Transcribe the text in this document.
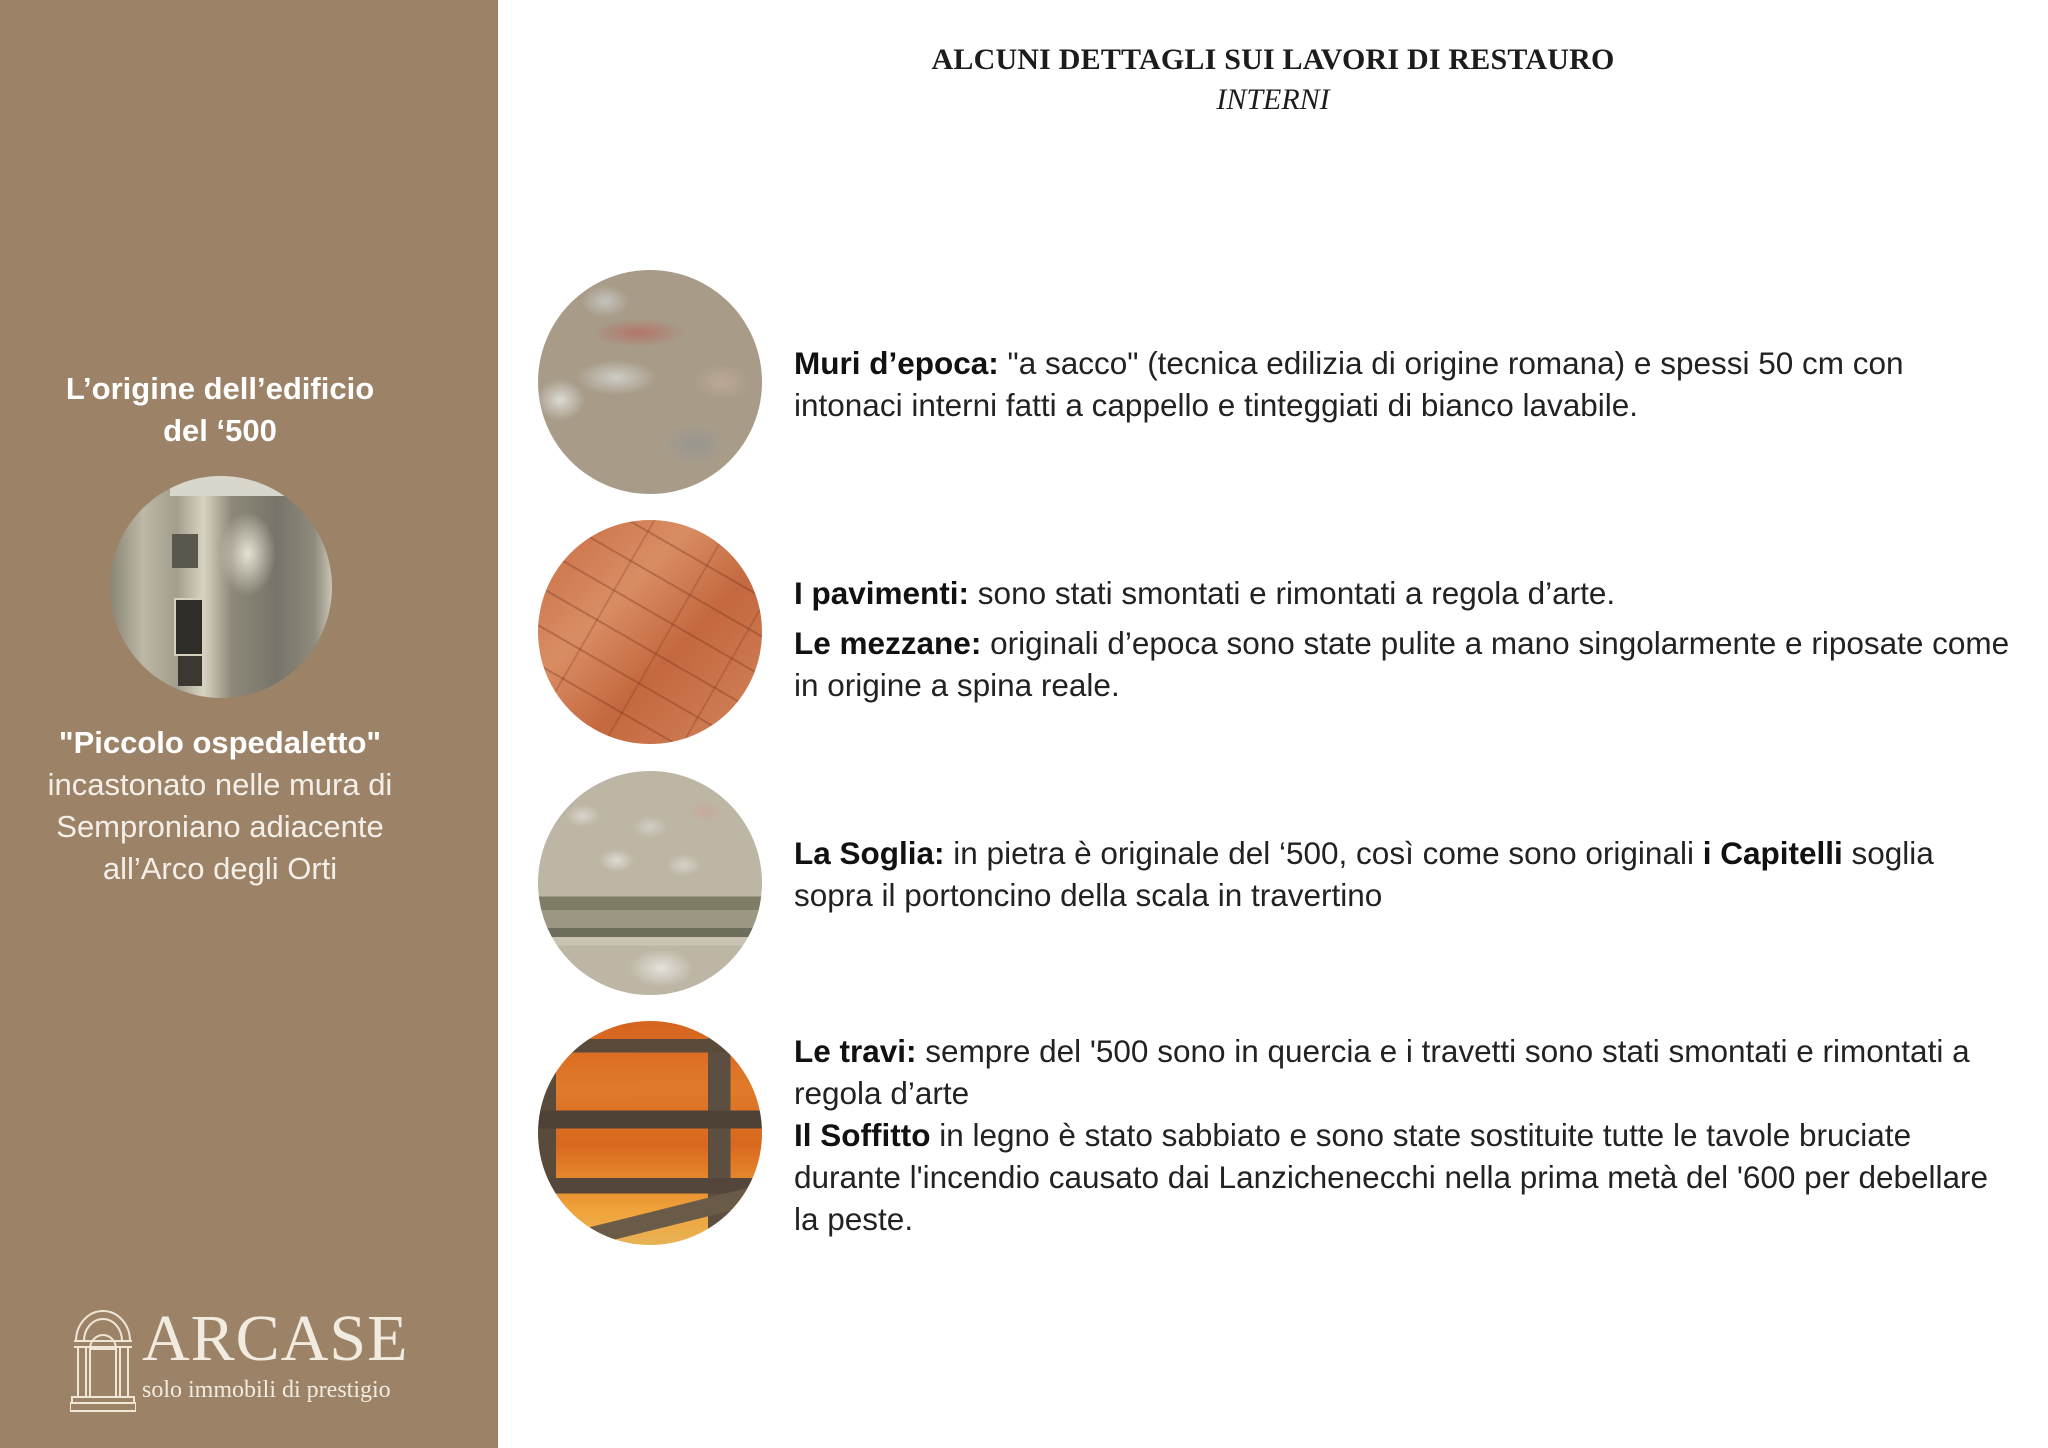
L’origine dell’edificio
del ‘500
"Piccolo ospedaletto"
incastonato nelle mura di
Semproniano adiacente
all’Arco degli Orti
ARCASE
solo immobili di prestigio
ALCUNI DETTAGLI SUI LAVORI DI RESTAURO
INTERNI

Muri d’epoca: "a sacco" (tecnica edilizia di origine romana) e spessi 50 cm con intonaci interni fatti a cappello e tinteggiati di bianco lavabile.

I pavimenti: sono stati smontati e rimontati a regola d’arte.

Le mezzane: originali d’epoca sono state pulite a mano singolarmente e riposate come in origine a spina reale.

La Soglia: in pietra è originale del ‘500, così come sono originali i Capitelli soglia sopra il portoncino della scala in travertino

Le travi: sempre del '500 sono in quercia e i travetti sono stati smontati e rimontati a regola d’arte

Il Soffitto in legno è stato sabbiato e sono state sostituite tutte le tavole bruciate durante l'incendio causato dai Lanzichenecchi nella prima metà del '600 per debellare la peste.
